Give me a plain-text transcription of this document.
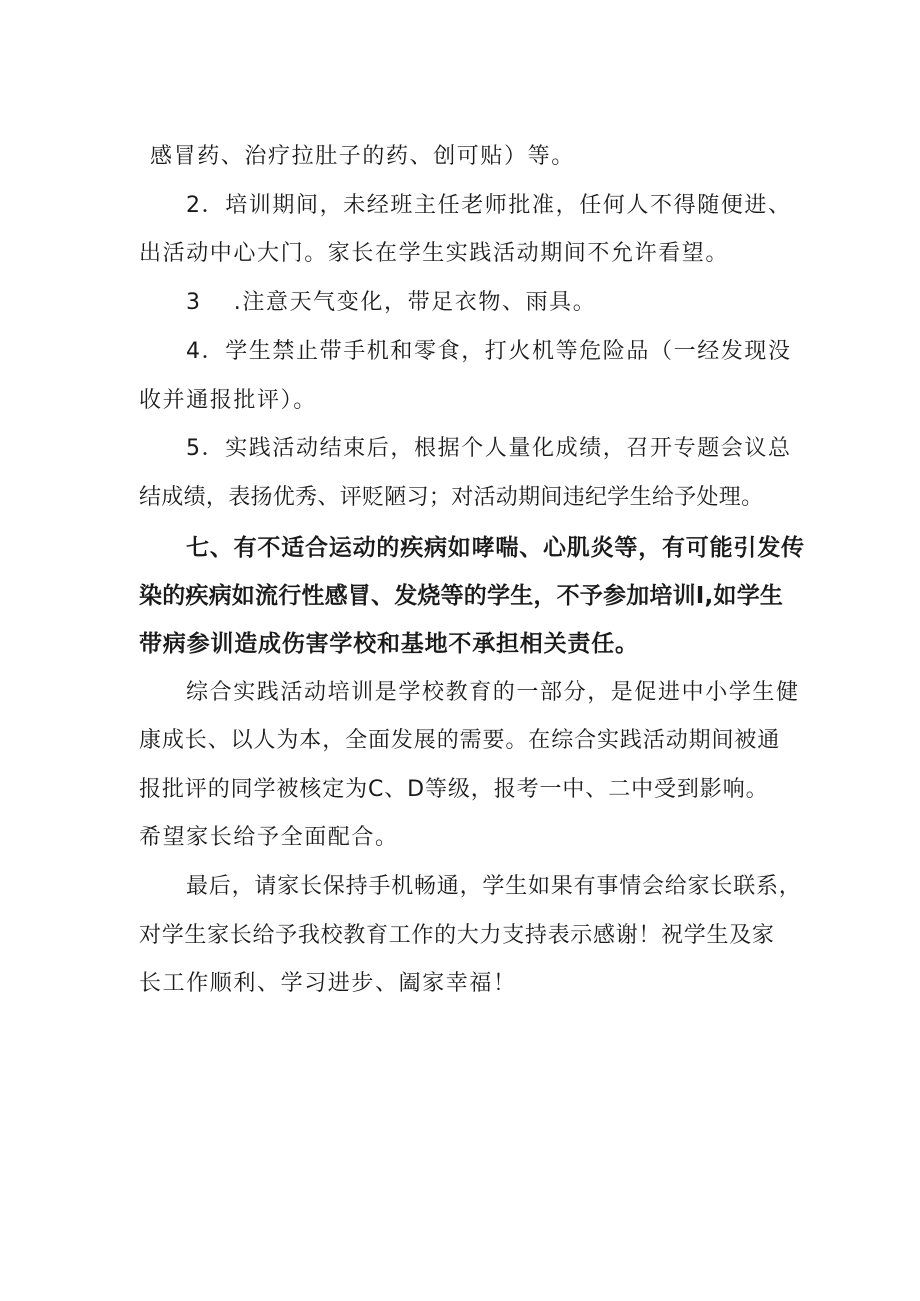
感冒药、治疗拉肚子的药、创可贴）等。
2．培训期间，未经班主任老师批准，任何人不得随便进、
出活动中心大门。家长在学生实践活动期间不允许看望。
3　 .注意天气变化，带足衣物、雨具。
4．学生禁止带手机和零食，打火机等危险品（一经发现没
收并通报批评）。
5．实践活动结束后，根据个人量化成绩，召开专题会议总
结成绩，表扬优秀、评贬陋习；对活动期间违纪学生给予处理。
七、有不适合运动的疾病如哮喘、心肌炎等，有可能引发传
染的疾病如流行性感冒、发烧等的学生，不予参加培训I,如学生
带病参训造成伤害学校和基地不承担相关责任。
综合实践活动培训是学校教育的一部分，是促进中小学生健
康成长、以人为本，全面发展的需要。在综合实践活动期间被通
报批评的同学被核定为C、D等级，报考一中、二中受到影响。
希望家长给予全面配合。
最后，请家长保持手机畅通，学生如果有事情会给家长联系，
对学生家长给予我校教育工作的大力支持表示感谢！祝学生及家
长工作顺利、学习进步、阖家幸福！
